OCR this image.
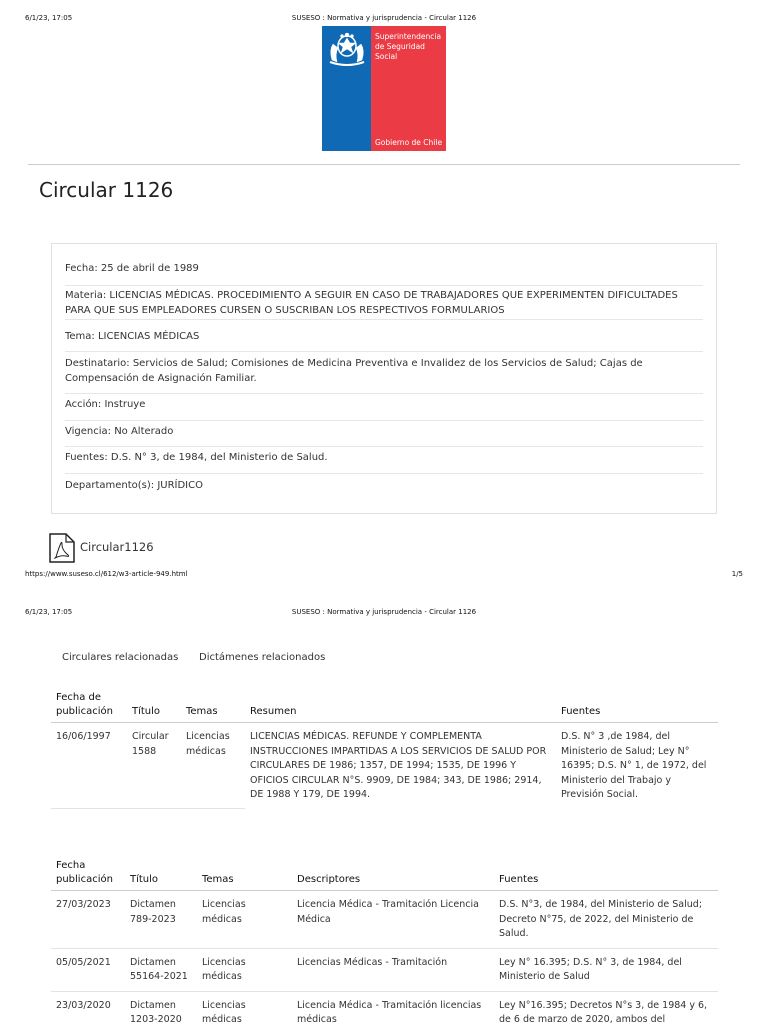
6/1/23, 17:05	SUSESO : Normativa y jurisprudencia - Circular 1126
Superintendencia
de Seguridad
Social
Gobierno de Chile
Circular 1126
Fecha: 25 de abril de 1989
Materia: LICENCIAS MÉDICAS. PROCEDIMIENTO A SEGUIR EN CASO DE TRABAJADORES QUE EXPERIMENTEN DIFICULTADES PARA QUE SUS EMPLEADORES CURSEN O SUSCRIBAN LOS RESPECTIVOS FORMULARIOS
Tema: LICENCIAS MÉDICAS
Destinatario: Servicios de Salud; Comisiones de Medicina Preventiva e Invalidez de los Servicios de Salud; Cajas de Compensación de Asignación Familiar.
Acción: Instruye
Vigencia: No Alterado
Fuentes: D.S. N° 3, de 1984, del Ministerio de Salud.
Departamento(s): JURÍDICO
Circular1126
https://www.suseso.cl/612/w3-article-949.html	1/5
6/1/23, 17:05	SUSESO : Normativa y jurisprudencia - Circular 1126
Circulares relacionadas Dictámenes relacionados
Fecha de publicación	Título	Temas	Resumen	Fuentes
16/06/1997	Circular 1588	Licencias médicas	LICENCIAS MÉDICAS. REFUNDE Y COMPLEMENTA INSTRUCCIONES IMPARTIDAS A LOS SERVICIOS DE SALUD POR CIRCULARES DE 1986; 1357, DE 1994; 1535, DE 1996 Y OFICIOS CIRCULAR N°S. 9909, DE 1984; 343, DE 1986; 2914, DE 1988 Y 179, DE 1994.	D.S. N° 3 ,de 1984, del Ministerio de Salud; Ley N° 16395; D.S. N° 1, de 1972, del Ministerio del Trabajo y Previsión Social.
Fecha publicación	Título	Temas	Descriptores	Fuentes
27/03/2023	Dictamen 789-2023	Licencias médicas	Licencia Médica - Tramitación Licencia Médica	D.S. N°3, de 1984, del Ministerio de Salud; Decreto N°75, de 2022, del Ministerio de Salud.
05/05/2021	Dictamen 55164-2021	Licencias médicas	Licencias Médicas - Tramitación	Ley N° 16.395; D.S. N° 3, de 1984, del Ministerio de Salud
23/03/2020	Dictamen 1203-2020	Licencias médicas	Licencia Médica - Tramitación licencias médicas	Ley N°16.395; Decretos N°s 3, de 1984 y 6, de 6 de marzo de 2020, ambos del
